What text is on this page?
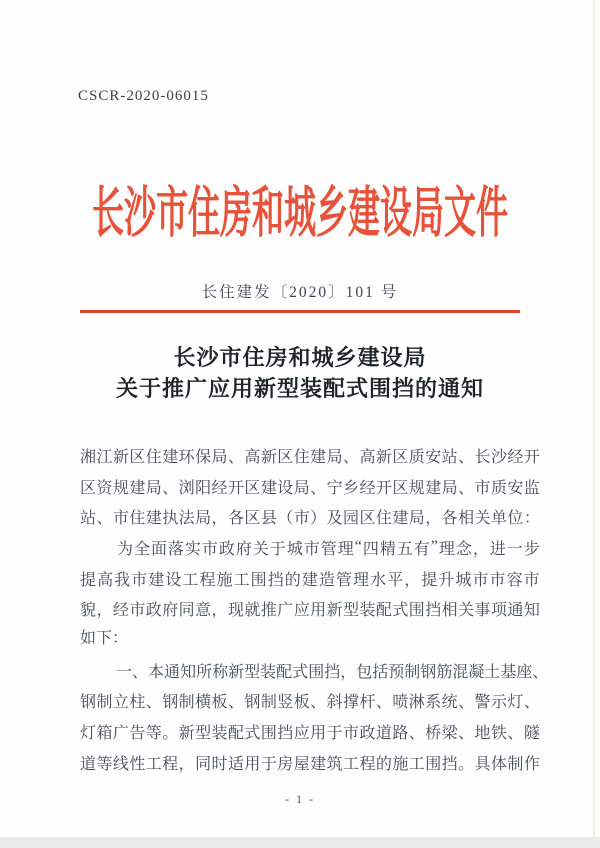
CSCR-2020-06015
长沙市住房和城乡建设局文件
长住建发〔2020〕101 号
长沙市住房和城乡建设局
关于推广应用新型装配式围挡的通知
湘 江 新 区 住 建 环 保 局 、 高 新 区 住 建 局 、 高 新 区 质 安 站 、 长 沙 经 开
区 资 规 建 局 、 浏 阳 经 开 区 建 设 局 、 宁 乡 经 开 区 规 建 局 、 市 质 安 监
站 、 市 住 建 执 法 局 ， 各 区 县 （ 市 ） 及 园 区 住 建 局 ， 各 相 关 单 位 ：
为 全 面 落 实 市 政 府 关 于 城 市 管 理 “ 四 精 五 有 ” 理 念 ， 进 一 步
提 高 我 市 建 设 工 程 施 工 围 挡 的 建 造 管 理 水 平 ， 提 升 城 市 市 容 市
貌 ， 经 市 政 府 同 意 ， 现 就 推 广 应 用 新 型 装 配 式 围 挡 相 关 事 项 通 知
如下：
一 、 本 通 知 所 称 新 型 装 配 式 围 挡 ， 包 括 预 制 钢 筋 混 凝 土 基 座 、
钢 制 立 柱 、 钢 制 横 板 、 钢 制 竖 板 、 斜 撑 杆 、 喷 淋 系 统 、 警 示 灯 、
灯 箱 广 告 等 。 新 型 装 配 式 围 挡 应 用 于 市 政 道 路 、 桥 梁 、 地 铁 、 隧
道 等 线 性 工 程 ， 同 时 适 用 于 房 屋 建 筑 工 程 的 施 工 围 挡 。 具 体 制 作
- 1 -
